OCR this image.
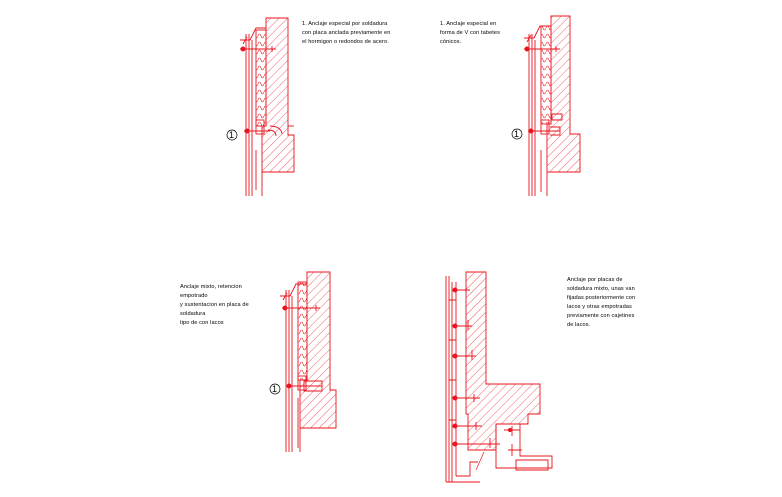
1	1
1
1. Anclaje especial por soldadura
con placa anclada previamente en
el hormigon o redondos de acero.
1. Anclaje especial en
forma de V con tabetes
cónicos.
Anclaje mixto, retencion
empotrado
y sustentacion en placa de
soldadura
tipo de con lacos
Anclaje por placas de
soldadura mixto, unas van
fijadas posteriormente con
lacos y otras empotradas
previamente con cajetines
de lacos.
